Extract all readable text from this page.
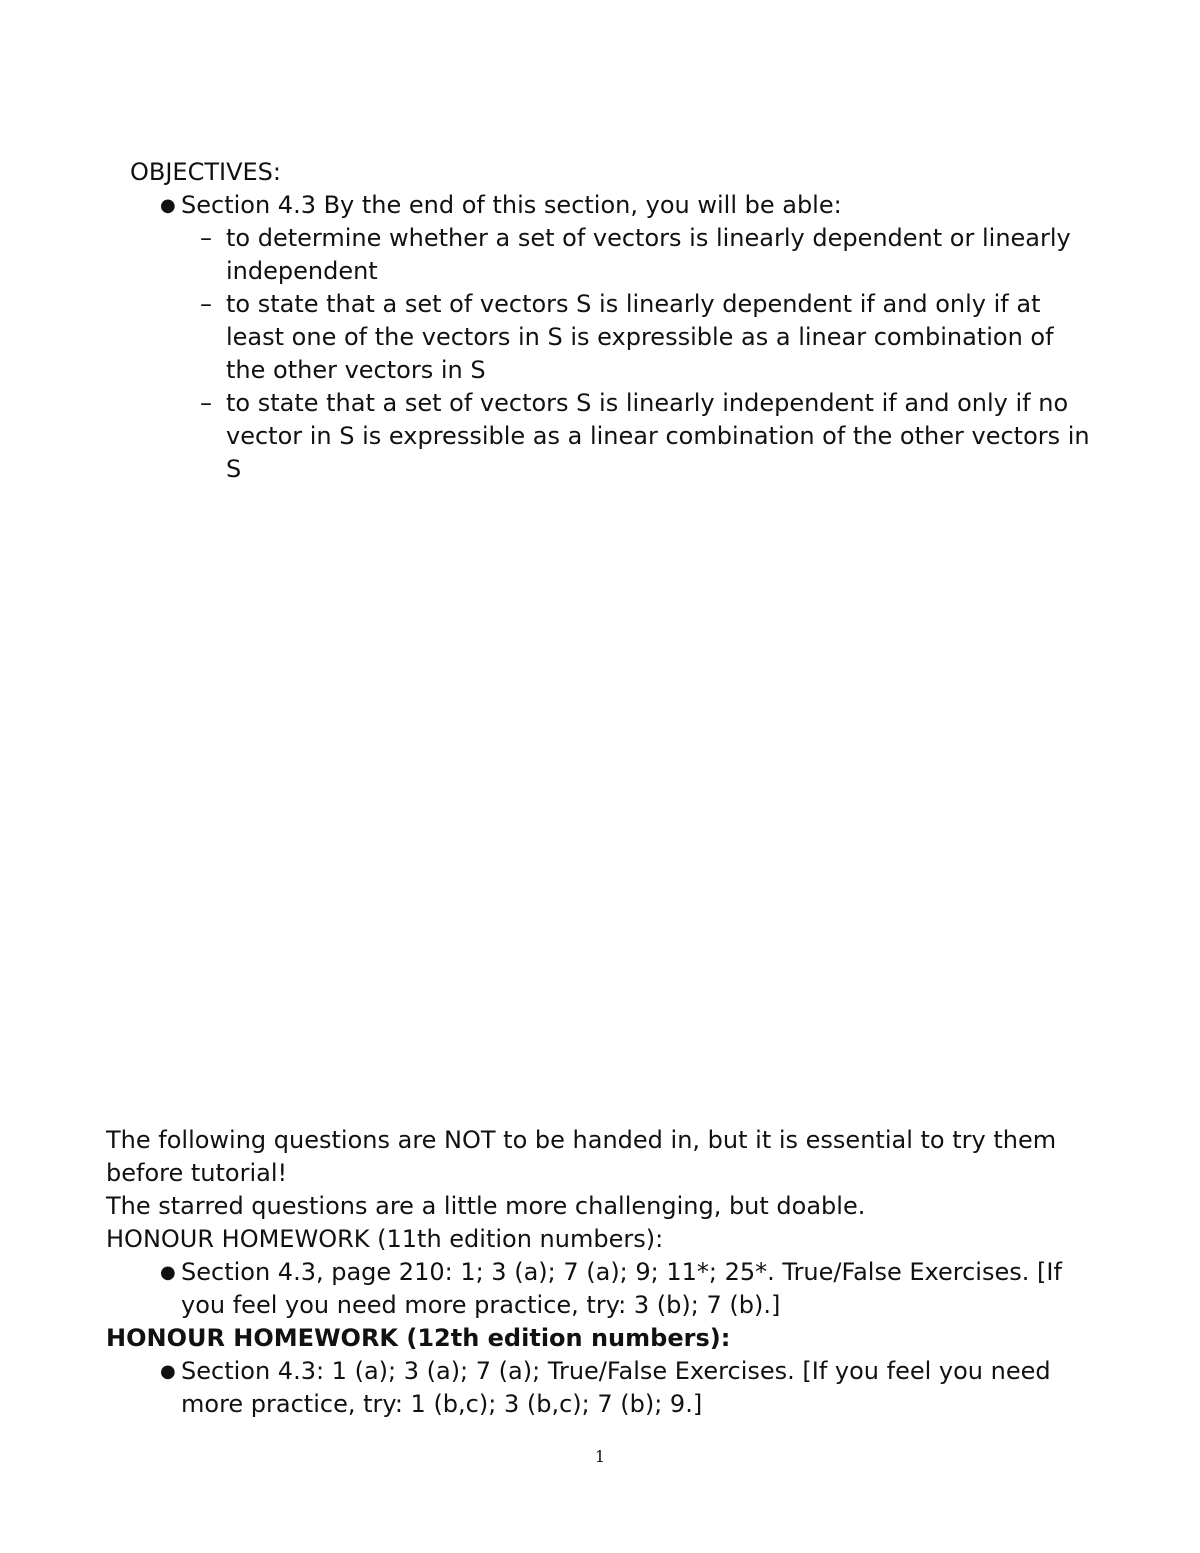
OBJECTIVES:

● Section 4.3 By the end of this section, you will be able:
– to determine whether a set of vectors is linearly dependent or linearly independent
– to state that a set of vectors S is linearly dependent if and only if at least one of the vectors in S is expressible as a linear combination of the other vectors in S
– to state that a set of vectors S is linearly independent if and only if no vector in S is expressible as a linear combination of the other vectors in S

The following questions are NOT to be handed in, but it is essential to try them before tutorial!

The starred questions are a little more challenging, but doable.

HONOUR HOMEWORK (11th edition numbers):

● Section 4.3, page 210: 1; 3 (a); 7 (a); 9; 11*; 25*. True/False Exercises. [If you feel you need more practice, try: 3 (b); 7 (b).]

HONOUR HOMEWORK (12th edition numbers):

● Section 4.3: 1 (a); 3 (a); 7 (a); True/False Exercises. [If you feel you need more practice, try: 1 (b,c); 3 (b,c); 7 (b); 9.]
1
